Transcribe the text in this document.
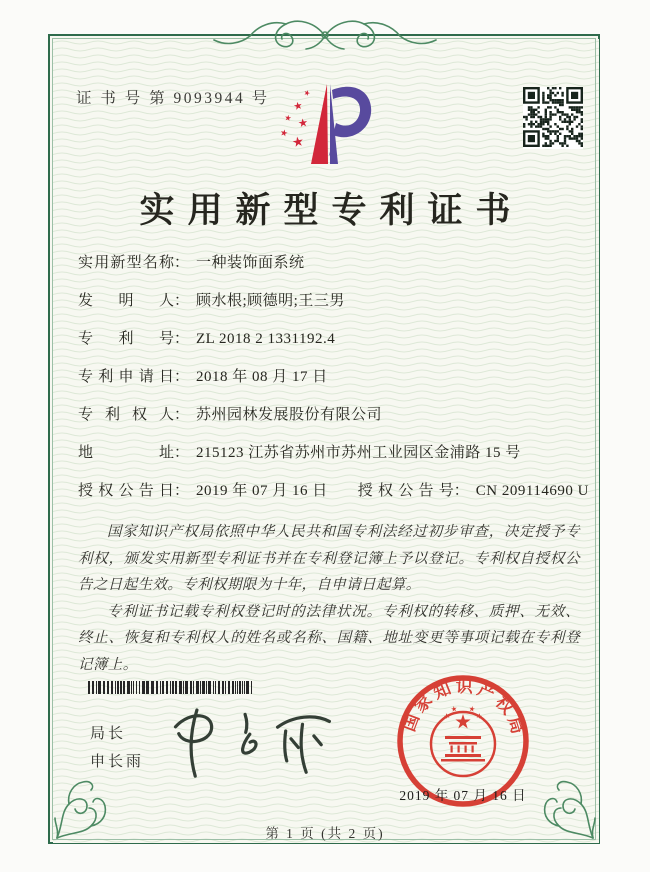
证 书 号 第 9093944 号
实用新型专利证书
实 用 新 型 名 称 ： 一种装饰面系统
发 明 人 ： 顾水根;顾德明;王三男
专 利 号 ： ZL 2018 2 1331192.4
专 利 申 请 日 ： 2018 年 08 月 17 日
专 利 权 人 ： 苏州园林发展股份有限公司
地	址 ： 215123 江苏省苏州市苏州工业园区金浦路 15 号
授 权 公 告 日 ： 2019 年 07 月 16 日 授 权 公 告 号 ： CN 209114690 U

国家知识产权局依照中华人民共和国专利法经过初步审查，决定授予专利权，颁发实用新型专利证书并在专利登记簿上予以登记。专利权自授权公告之日起生效。专利权期限为十年，自申请日起算。

专利证书记载专利权登记时的法律状况。专利权的转移、质押、无效、终止、恢复和专利权人的姓名或名称、国籍、地址变更等事项记载在专利登记簿上。

局长
申长雨
国家知识产权局
2019 年 07 月 16 日
第 1 页 (共 2 页)
